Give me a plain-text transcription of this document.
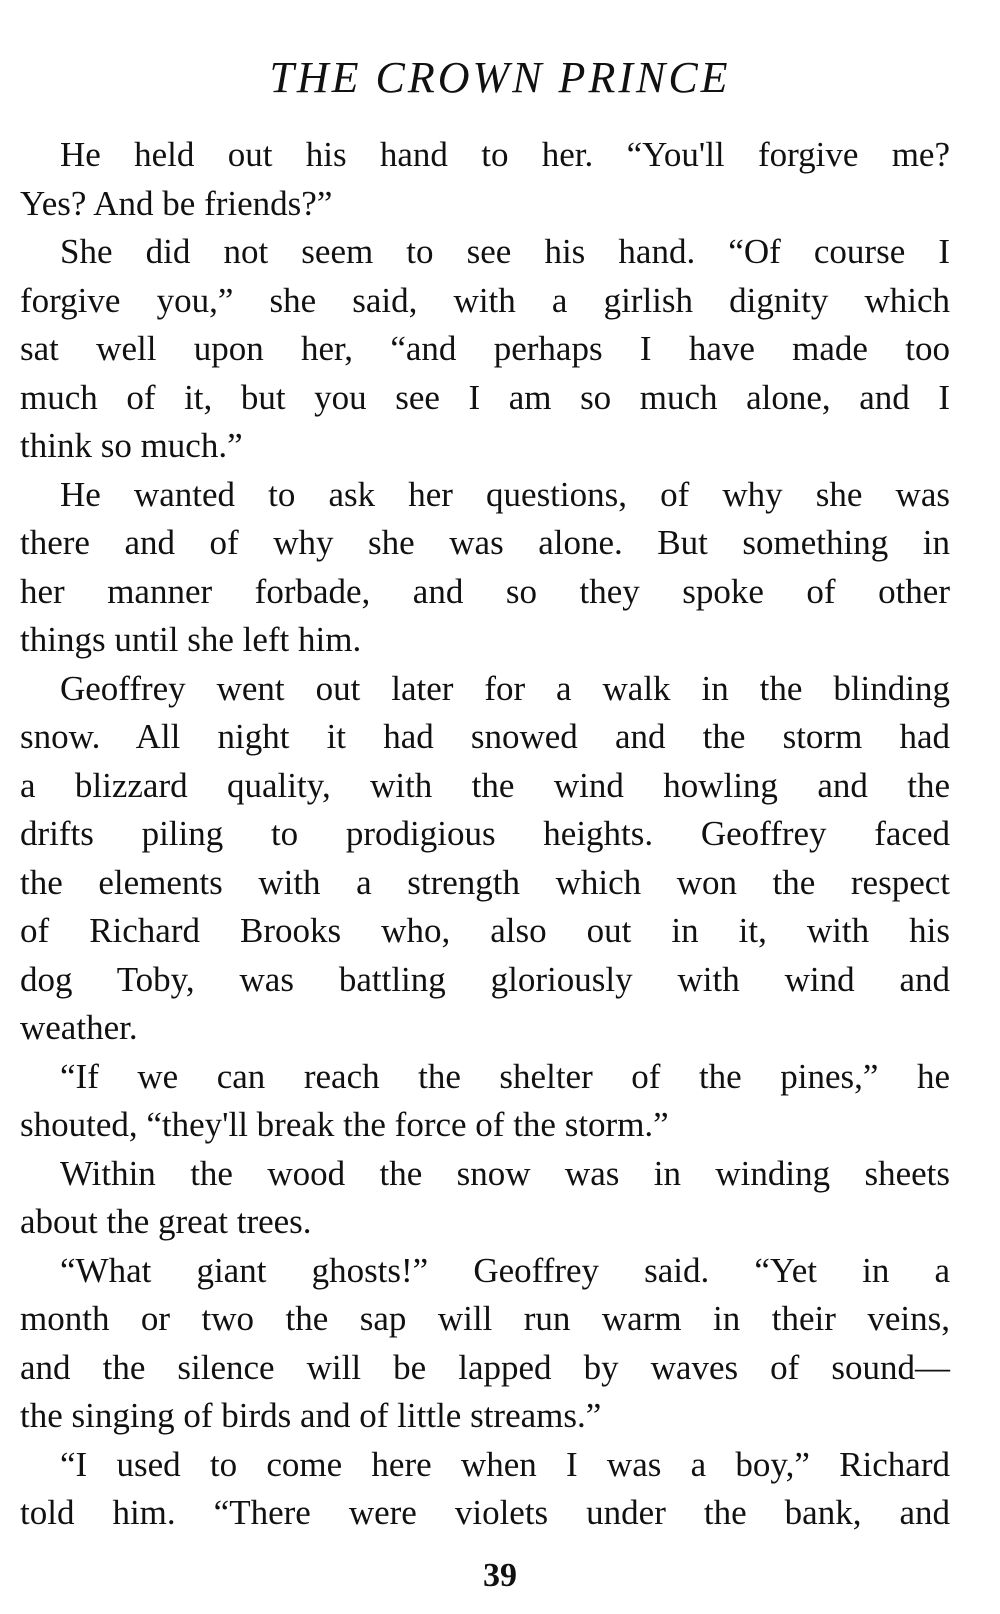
THE CROWN PRINCE
He held out his hand to her. “You'll forgive me?
Yes? And be friends?”
She did not seem to see his hand. “Of course I
forgive you,” she said, with a girlish dignity which
sat well upon her, “and perhaps I have made too
much of it, but you see I am so much alone, and I
think so much.”
He wanted to ask her questions, of why she was
there and of why she was alone. But something in
her manner forbade, and so they spoke of other
things until she left him.
Geoffrey went out later for a walk in the blinding
snow. All night it had snowed and the storm had
a blizzard quality, with the wind howling and the
drifts piling to prodigious heights. Geoffrey faced
the elements with a strength which won the respect
of Richard Brooks who, also out in it, with his
dog Toby, was battling gloriously with wind and
weather.
“If we can reach the shelter of the pines,” he
shouted, “they'll break the force of the storm.”
Within the wood the snow was in winding sheets
about the great trees.
“What giant ghosts!” Geoffrey said. “Yet in a
month or two the sap will run warm in their veins,
and the silence will be lapped by waves of sound—
the singing of birds and of little streams.”
“I used to come here when I was a boy,” Richard
told him. “There were violets under the bank, and
39
